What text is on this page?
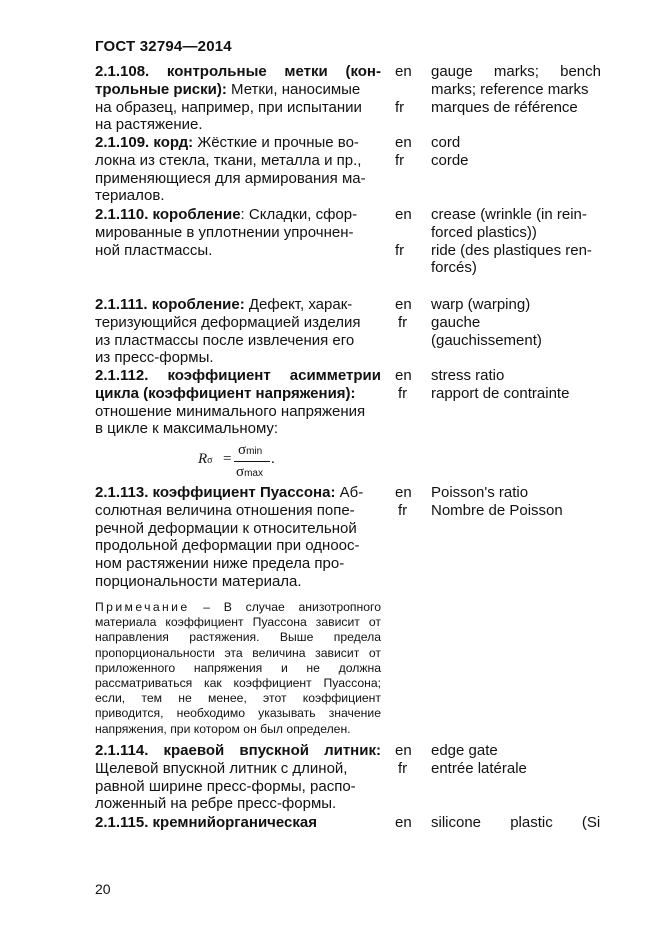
ГОСТ 32794—2014
2.1.108. контрольные метки (кон-
трольные риски): Метки, наносимые
на образец, например, при испытании
на растяжение.
en
fr
gauge marks; bench
marks; reference marks
marques de référence
2.1.109. корд: Жёсткие и прочные во-
локна из стекла, ткани, металла и пр.,
применяющиеся для армирования ма-
териалов.
en
fr
cord
corde
2.1.110. коробление: Складки, сфор-
мированные в уплотнении упрочнен-
ной пластмассы.
en
fr
crease (wrinkle (in rein-
forced plastics))
ride (des plastiques ren-
forcés)
2.1.111. коробление: Дефект, харак-
теризующийся деформацией изделия
из пластмассы после извлечения его
из пресс-формы.
en
fr
warp (warping)
gauche
(gauchissement)
2.1.112. коэффициент асимметрии
цикла (коэффициент напряжения):
отношение минимального напряжения
в цикле к максимальному:
en
fr
stress ratio
rapport de contrainte
Rσ =
σmin
σmax
.
2.1.113. коэффициент Пуассона: Аб-
солютная величина отношения попе-
речной деформации к относительной
продольной деформации при одноос-
ном растяжении ниже предела про-
порциональности материала.
en
fr
Poisson's ratio
Nombre de Poisson
Примечание – В случае анизотропного материала коэффициент Пуассона зависит от направления растяжения. Выше предела пропорциональности эта величина зависит от приложенного напряжения и не должна рассматриваться как коэффициент Пуассона; если, тем не менее, этот коэффициент приводится, необходимо указывать значение напряжения, при котором он был определен.
2.1.114. краевой впускной литник:
Щелевой впускной литник с длиной,
равной ширине пресс-формы, распо-
ложенный на ребре пресс-формы.
en
fr
edge gate
entrée latérale
2.1.115. кремнийорганическая	en	silicone       plastic       (Si
20
